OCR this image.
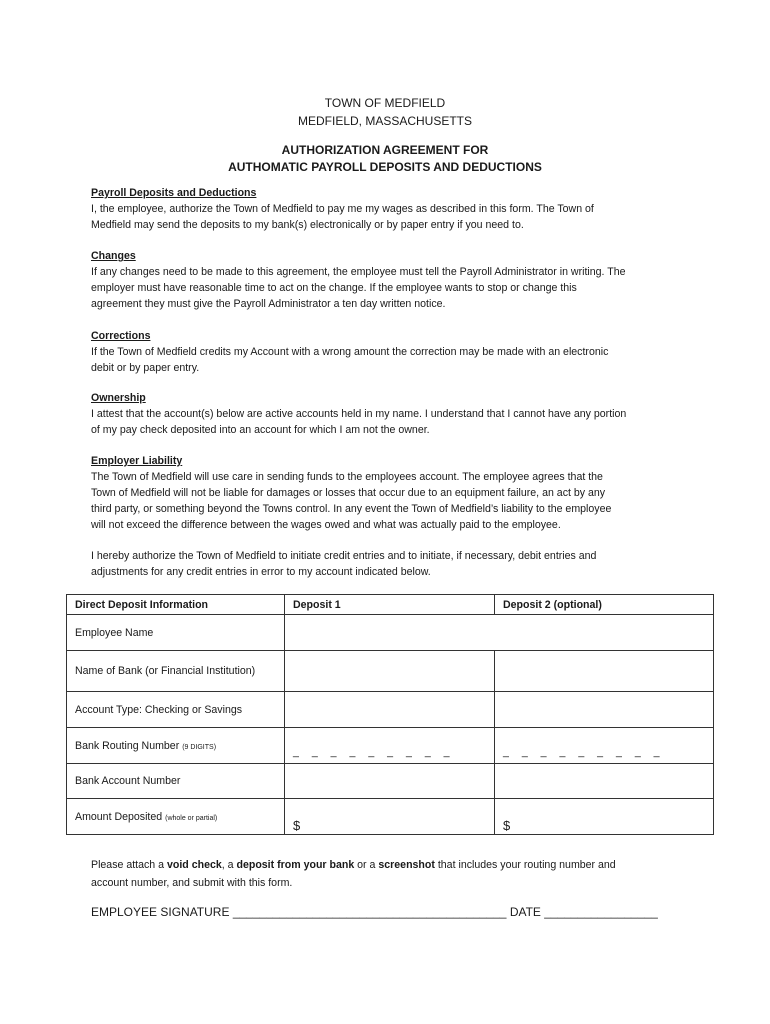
TOWN OF MEDFIELD
MEDFIELD, MASSACHUSETTS
AUTHORIZATION AGREEMENT FOR
AUTHOMATIC PAYROLL DEPOSITS AND DEDUCTIONS
Payroll Deposits and Deductions

I, the employee, authorize the Town of Medfield to pay me my wages as described in this form. The Town of

Medfield may send the deposits to my bank(s) electronically or by paper entry if you need to.

Changes

If any changes need to be made to this agreement, the employee must tell the Payroll Administrator in writing. The

employer must have reasonable time to act on the change. If the employee wants to stop or change this

agreement they must give the Payroll Administrator a ten day written notice.

Corrections

If the Town of Medfield credits my Account with a wrong amount the correction may be made with an electronic

debit or by paper entry.

Ownership

I attest that the account(s) below are active accounts held in my name. I understand that I cannot have any portion

of my pay check deposited into an account for which I am not the owner.

Employer Liability

The Town of Medfield will use care in sending funds to the employees account. The employee agrees that the

Town of Medfield will not be liable for damages or losses that occur due to an equipment failure, an act by any

third party, or something beyond the Towns control. In any event the Town of Medfield’s liability to the employee

will not exceed the difference between the wages owed and what was actually paid to the employee.

I hereby authorize the Town of Medfield to initiate credit entries and to initiate, if necessary, debit entries and

adjustments for any credit entries in error to my account indicated below.

Direct Deposit Information	Deposit 1	Deposit 2 (optional)
Employee Name		
Name of Bank (or Financial Institution)		
Account Type: Checking or Savings		
Bank Routing Number (9 DIGITS)	_ _ _ _ _ _ _ _ _	_ _ _ _ _ _ _ _ _
Bank Account Number		
Amount Deposited (whole or partial)	$	$
Please attach a void check, a deposit from your bank or a screenshot that includes your routing number and
account number, and submit with this form.
EMPLOYEE SIGNATURE _________________________________________ DATE _________________
